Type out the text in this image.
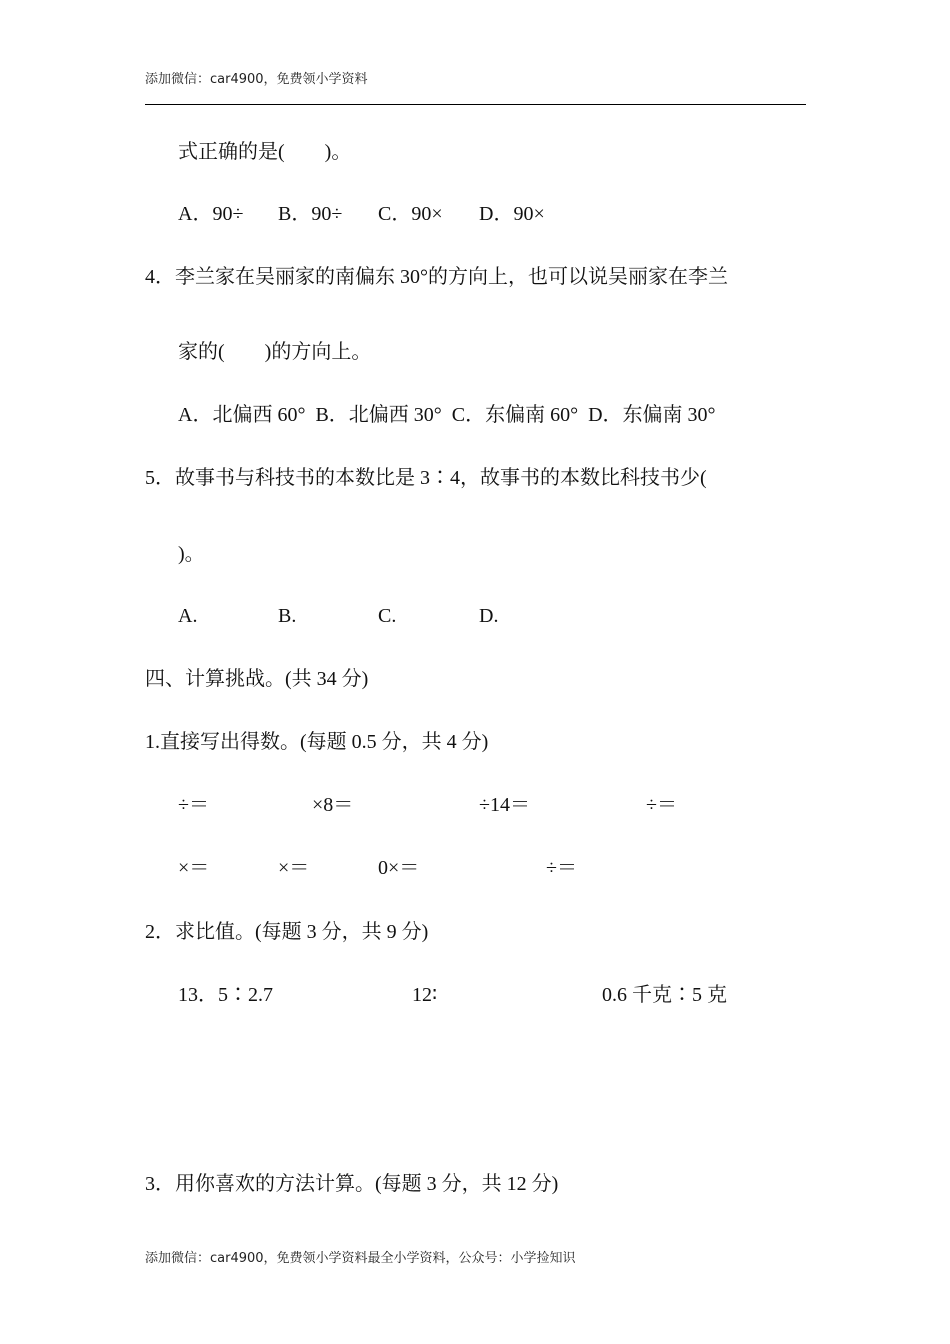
添加微信：car4900，免费领小学资料
式正确的是(　　)。
A．90÷ B．90÷ C．90× D．90×
4．李兰家在吴丽家的南偏东 30°的方向上，也可以说吴丽家在李兰
家的(　　)的方向上。
A．北偏西 60°  B．北偏西 30°  C．东偏南 60°  D．东偏南 30°
5．故事书与科技书的本数比是 3∶4，故事书的本数比科技书少(
)。
A.	B.	C.	D.
四、计算挑战。(共 34 分)
1.直接写出得数。(每题 0.5 分，共 4 分)
÷＝	×8＝	÷14＝	÷＝
×＝	×＝	0×＝	÷＝
2．求比值。(每题 3 分，共 9 分)
13．5∶2.7	12∶	0.6 千克∶5 克
3．用你喜欢的方法计算。(每题 3 分，共 12 分)
添加微信：car4900，免费领小学资料最全小学资料，公众号：小学捡知识
